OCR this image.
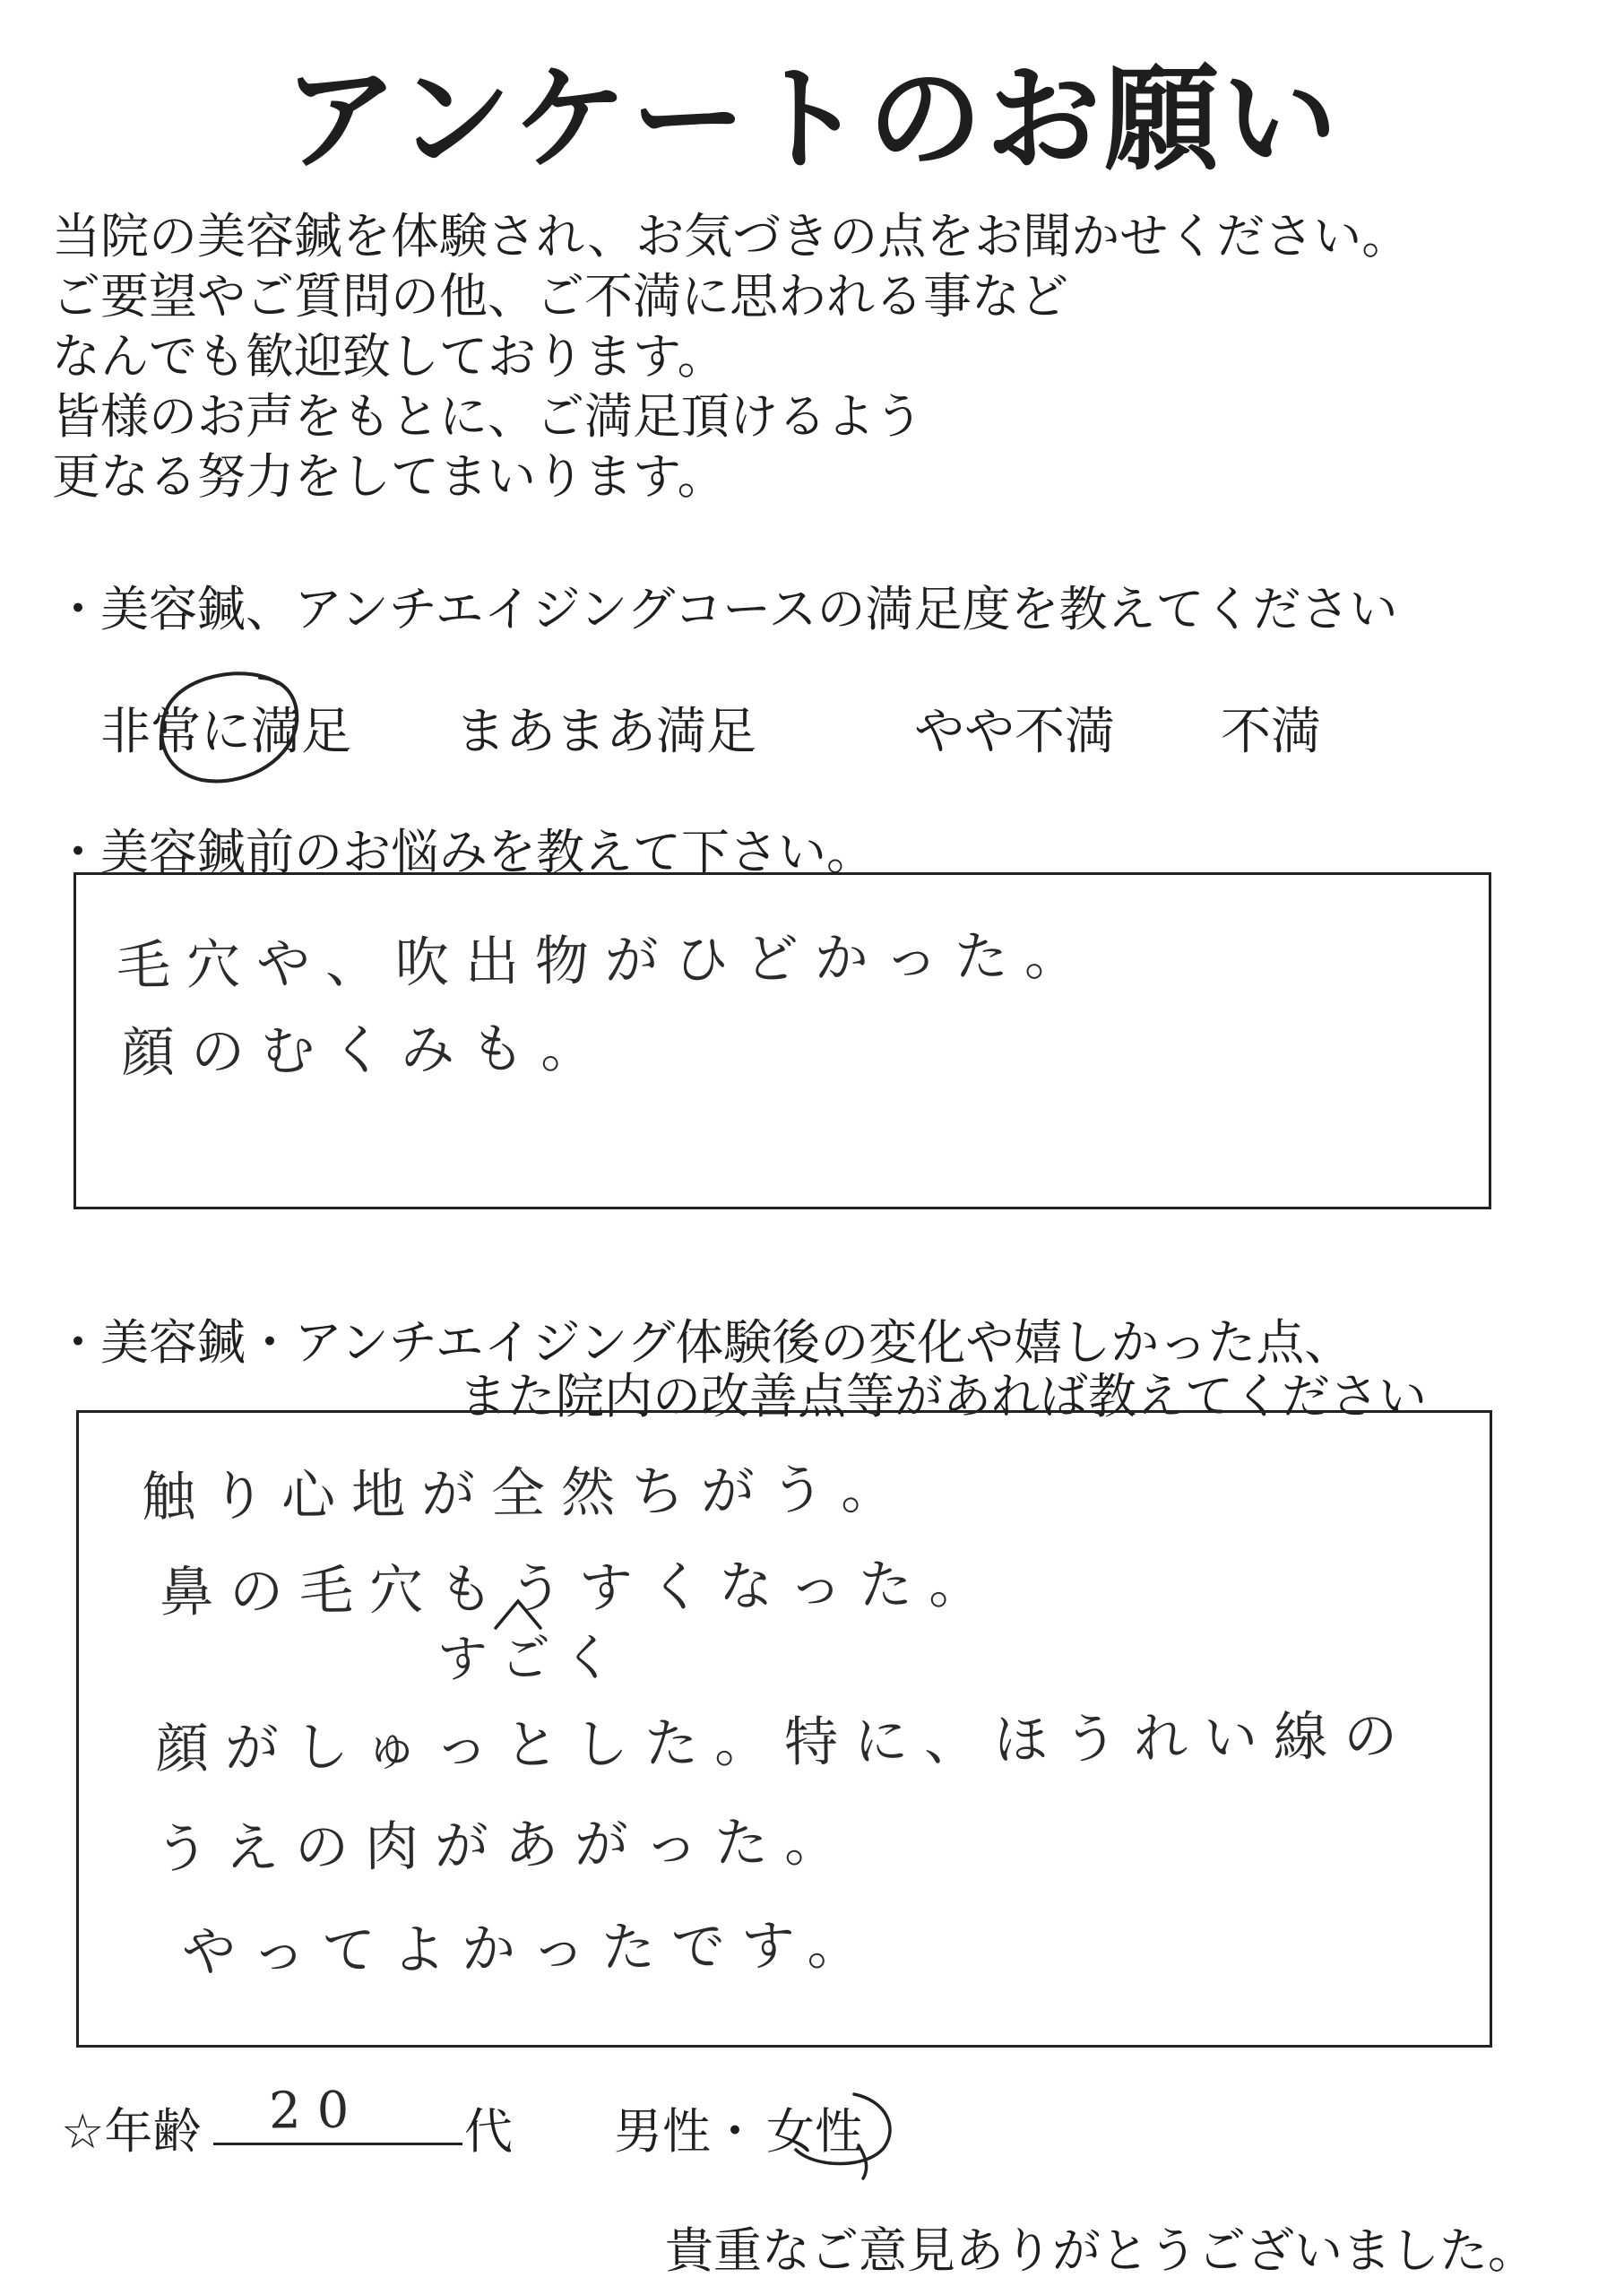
アンケートのお願い
当院の美容鍼を体験され、お気づきの点をお聞かせください。
ご要望やご質問の他、ご不満に思われる事など
なんでも歓迎致しております。
皆様のお声をもとに、ご満足頂けるよう
更なる努力をしてまいります。
・美容鍼、アンチエイジングコースの満足度を教えてください
非常に満足 まあまあ満足	やや不満 不満
・美容鍼前のお悩みを教えて下さい。
毛穴や、吹出物がひどかった。
顔のむくみも。
・美容鍼・アンチエイジング体験後の変化や嬉しかった点、
また院内の改善点等があれば教えてください
触り心地が全然ちがう。
鼻の毛穴もうすくなった。
すごく
顔がしゅっとした。特に、ほうれい線の
うえの肉があがった。
やってよかったです。
☆年齢 20 代 男性 ・ 女性
貴重なご意見ありがとうございました。
